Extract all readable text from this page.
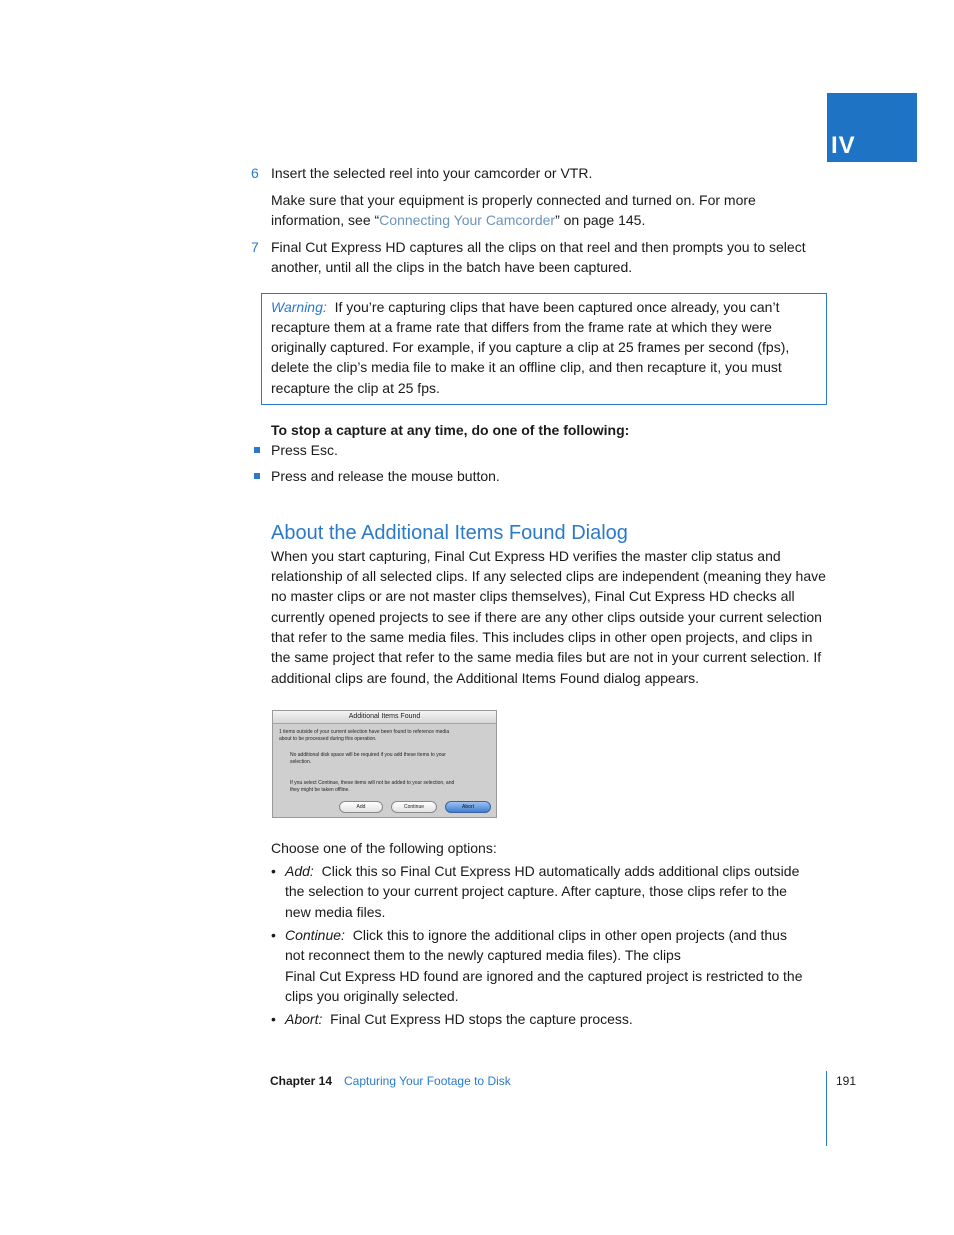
IV
6 Insert the selected reel into your camcorder or VTR.
Make sure that your equipment is properly connected and turned on. For more
information, see “Connecting Your Camcorder” on page 145.
7 Final Cut Express HD captures all the clips on that reel and then prompts you to select
another, until all the clips in the batch have been captured.
Warning: If you’re capturing clips that have been captured once already, you can’t
recapture them at a frame rate that differs from the frame rate at which they were
originally captured. For example, if you capture a clip at 25 frames per second (fps),
delete the clip’s media file to make it an offline clip, and then recapture it, you must
recapture the clip at 25 fps.
To stop a capture at any time, do one of the following:
Press Esc.
Press and release the mouse button.
About the Additional Items Found Dialog
When you start capturing, Final Cut Express HD verifies the master clip status and
relationship of all selected clips. If any selected clips are independent (meaning they have
no master clips or are not master clips themselves), Final Cut Express HD checks all
currently opened projects to see if there are any other clips outside your current selection
that refer to the same media files. This includes clips in other open projects, and clips in
the same project that refer to the same media files but are not in your current selection. If
additional clips are found, the Additional Items Found dialog appears.
Additional Items Found
1 items outside of your current selection have been found to reference media
about to be processed during this operation.
No additional disk space will be required if you add these items to your
selection.
If you select Continue, these items will not be added to your selection, and
they might be taken offline.
Add	Continue	Abort
Choose one of the following options:
• Add: Click this so Final Cut Express HD automatically adds additional clips outside
the selection to your current project capture. After capture, those clips refer to the
new media files.
• Continue: Click this to ignore the additional clips in other open projects (and thus
not reconnect them to the newly captured media files). The clips
Final Cut Express HD found are ignored and the captured project is restricted to the
clips you originally selected.
• Abort: Final Cut Express HD stops the capture process.
Chapter 14 Capturing Your Footage to Disk	191
